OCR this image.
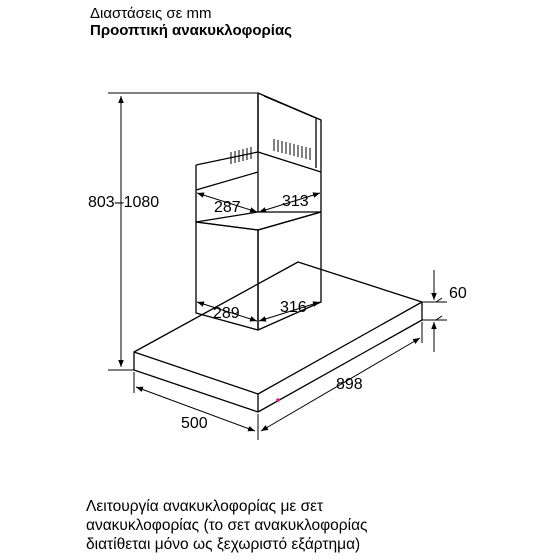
Διαστάσεις σε mm
Προοπτική ανακυκλοφορίας
803–1080	287	313
289	316
60
898
500
Λειτουργία ανακυκλοφορίας με σετ
ανακυκλοφορίας (το σετ ανακυκλοφορίας
διατίθεται μόνο ως ξεχωριστό εξάρτημα)
